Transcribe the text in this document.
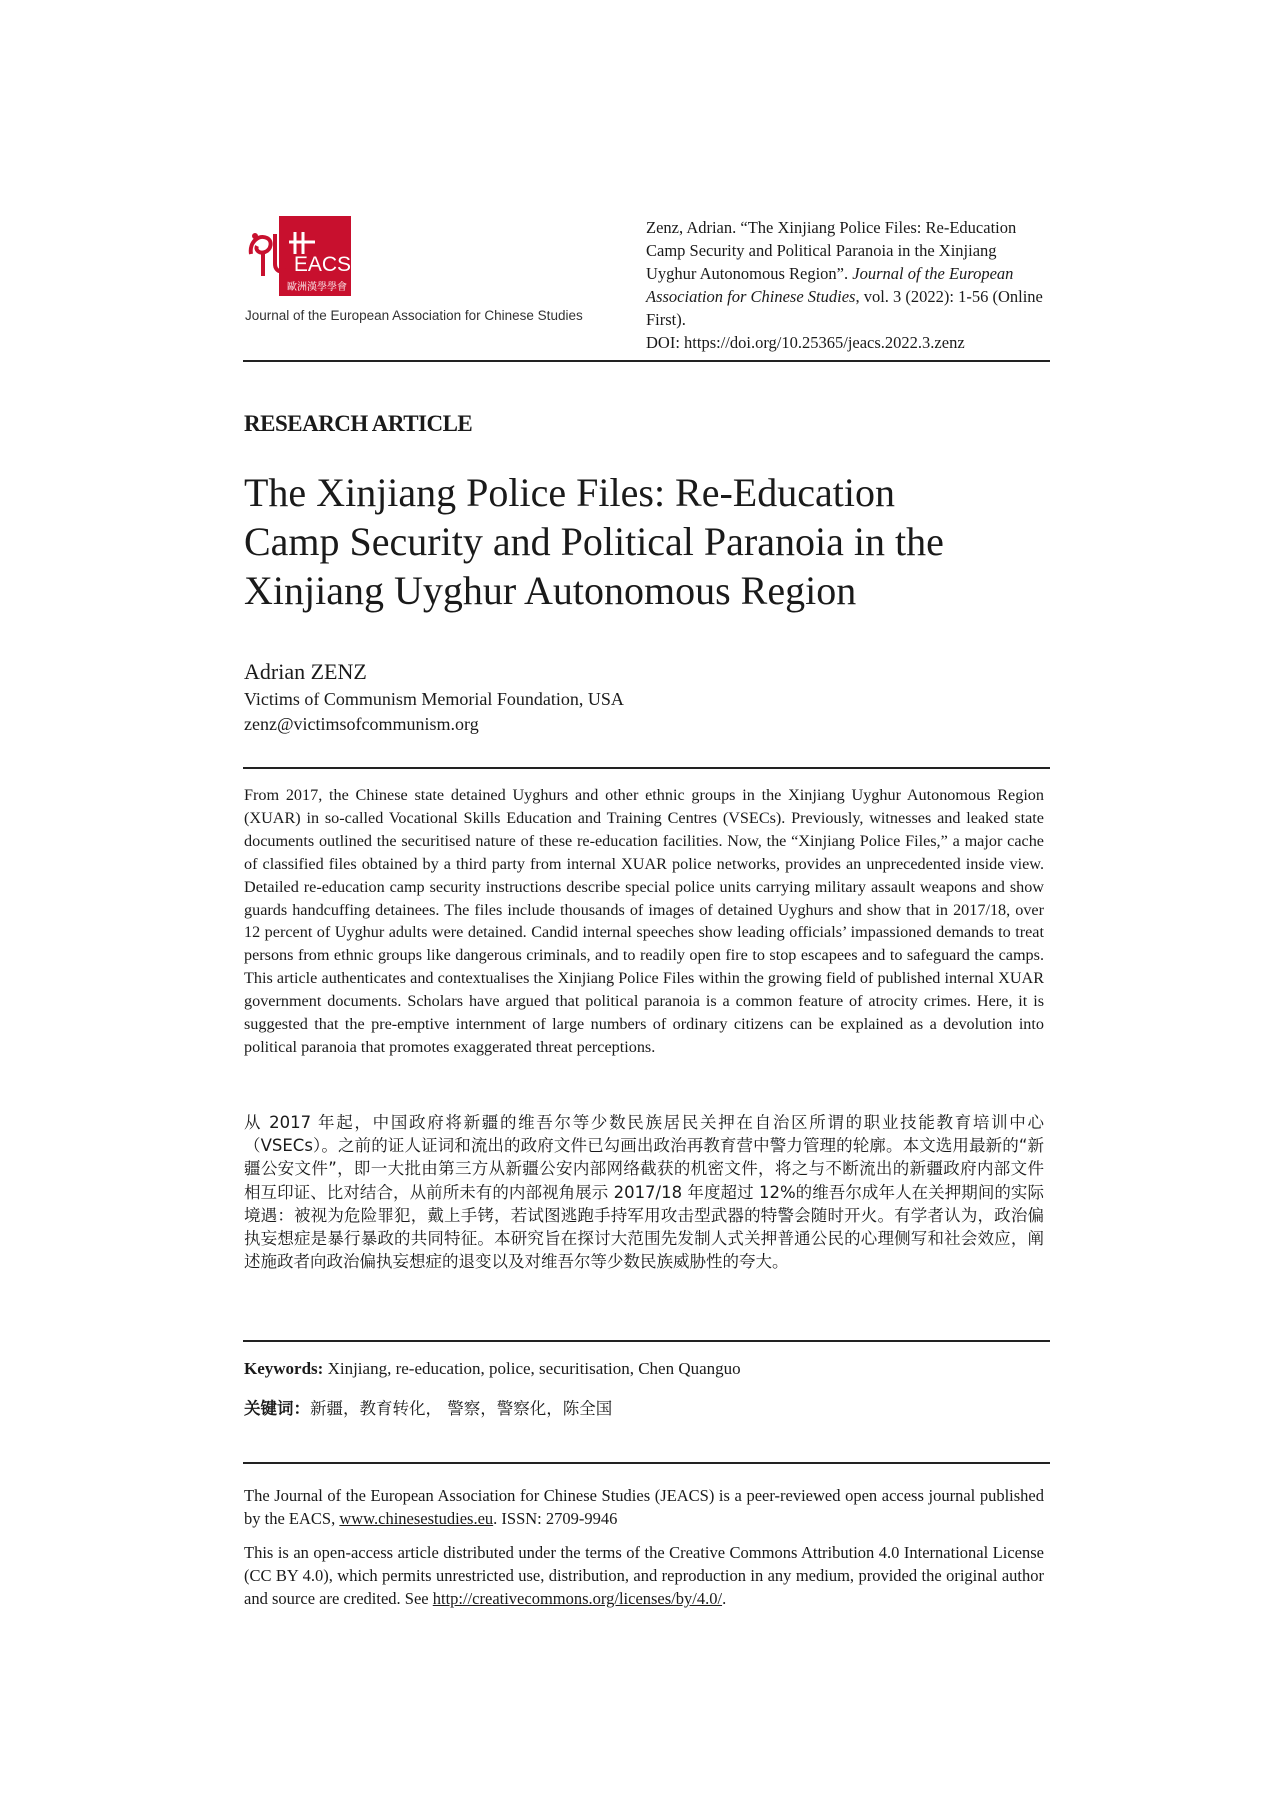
EACS
歐洲漢學學會
Journal of the European Association for Chinese Studies

Zenz, Adrian. “The Xinjiang Police Files: Re-Education Camp Security and Political Paranoia in the Xinjiang Uyghur Autonomous Region”. Journal of the European Association for Chinese Studies, vol. 3 (2022): 1-56 (Online First).

DOI: https://doi.org/10.25365/jeacs.2022.3.zenz

RESEARCH ARTICLE
The Xinjiang Police Files: Re-Education
Camp Security and Political Paranoia in the
Xinjiang Uyghur Autonomous Region
Adrian ZENZ
Victims of Communism Memorial Foundation, USA
zenz@victimsofcommunism.org

From 2017, the Chinese state detained Uyghurs and other ethnic groups in the Xinjiang Uyghur Autonomous Region (XUAR) in so-called Vocational Skills Education and Training Centres (VSECs). Previously, witnesses and leaked state documents outlined the securitised nature of these re-education facilities. Now, the “Xinjiang Police Files,” a major cache of classified files obtained by a third party from internal XUAR police networks, provides an unprecedented inside view. Detailed re-education camp security instructions describe special police units carrying military assault weapons and show guards handcuffing detainees. The files include thousands of images of detained Uyghurs and show that in 2017/18, over 12 percent of Uyghur adults were detained. Candid internal speeches show leading officials’ impassioned demands to treat persons from ethnic groups like dangerous criminals, and to readily open fire to stop escapees and to safeguard the camps. This article authenticates and contextualises the Xinjiang Police Files within the growing field of published internal XUAR government documents. Scholars have argued that political paranoia is a common feature of atrocity crimes. Here, it is suggested that the pre-emptive internment of large numbers of ordinary citizens can be explained as a devolution into political paranoia that promotes exaggerated threat perceptions.

从 2017 年起，中国政府将新疆的维吾尔等少数民族居民关押在自治区所谓的职业技能教育培训中心（VSECs）。之前的证人证词和流出的政府文件已勾画出政治再教育营中警力管理的轮廓。本文选用最新的“新疆公安文件”，即一大批由第三方从新疆公安内部网络截获的机密文件，将之与不断流出的新疆政府内部文件相互印证、比对结合，从前所未有的内部视角展示 2017/18 年度超过 12%的维吾尔成年人在关押期间的实际境遇：被视为危险罪犯，戴上手铐，若试图逃跑手持军用攻击型武器的特警会随时开火。有学者认为，政治偏执妄想症是暴行暴政的共同特征。本研究旨在探讨大范围先发制人式关押普通公民的心理侧写和社会效应，阐述施政者向政治偏执妄想症的退变以及对维吾尔等少数民族威胁性的夸大。

Keywords: Xinjiang, re-education, police, securitisation, Chen Quanguo
关键词：新疆，教育转化， 警察，警察化，陈全国

The Journal of the European Association for Chinese Studies (JEACS) is a peer-reviewed open access journal published by the EACS, www.chinesestudies.eu. ISSN: 2709-9946

This is an open-access article distributed under the terms of the Creative Commons Attribution 4.0 International License (CC BY 4.0), which permits unrestricted use, distribution, and reproduction in any medium, provided the original author and source are credited. See http://creativecommons.org/licenses/by/4.0/.
